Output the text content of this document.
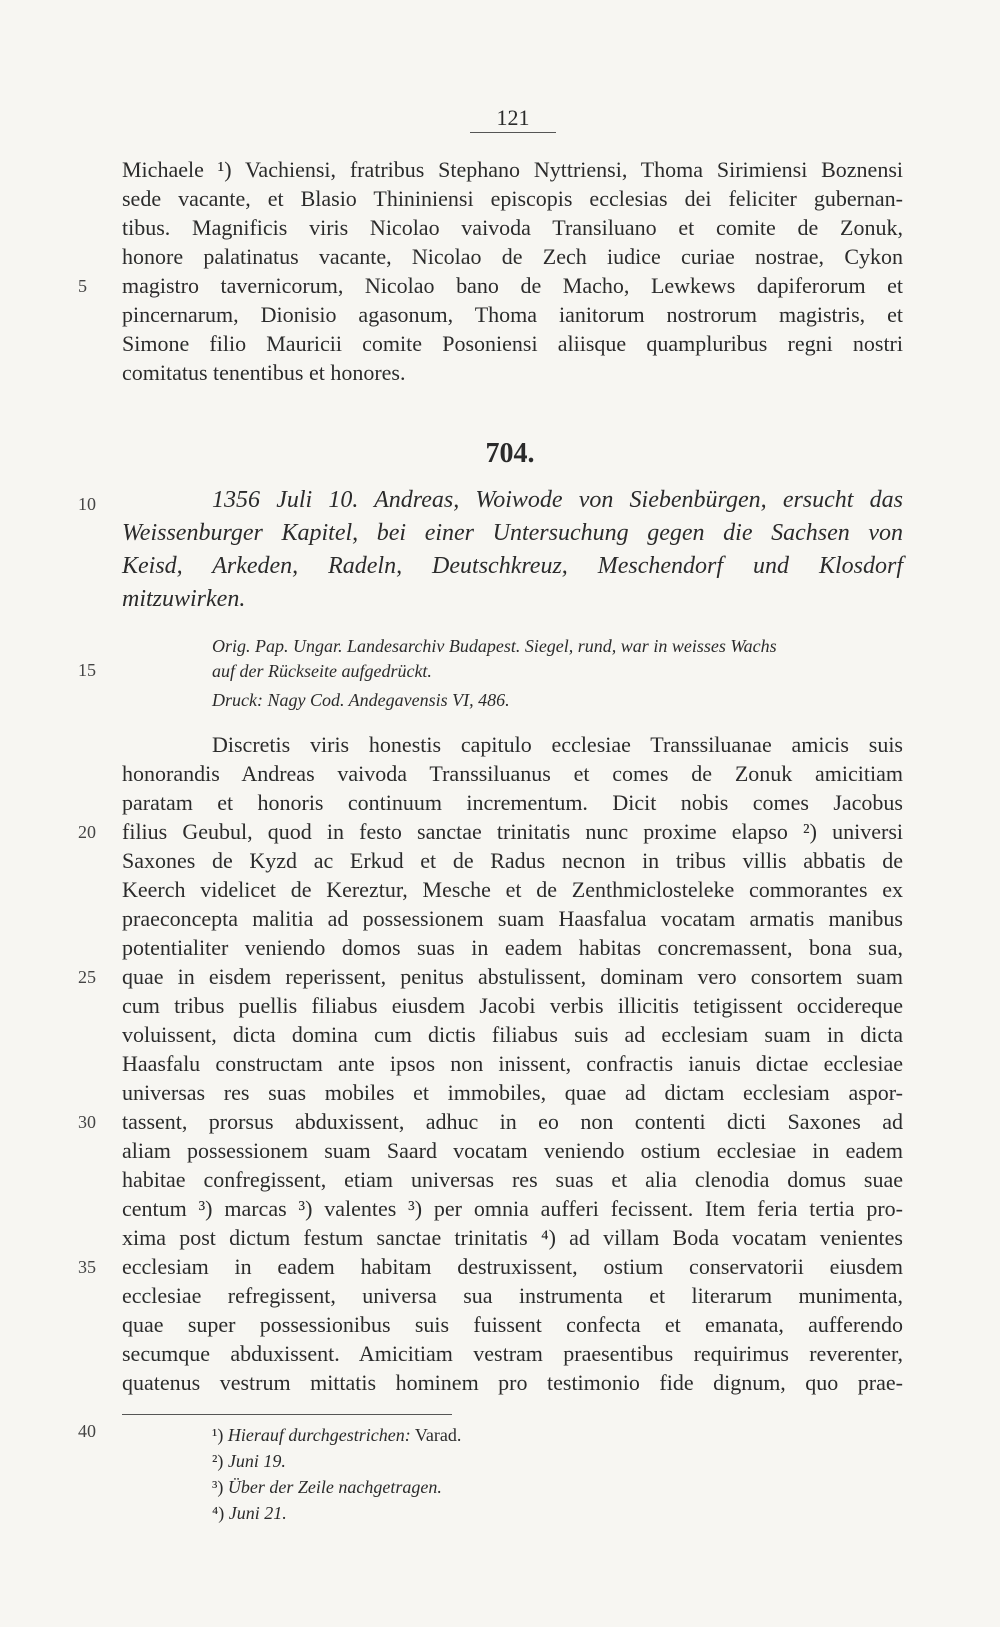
121
Michaele ¹) Vachiensi, fratribus Stephano Nyttriensi, Thoma Sirimiensi Boznensi
sede vacante, et Blasio Thininiensi episcopis ecclesias dei feliciter gubernan-
tibus. Magnificis viris Nicolao vaivoda Transiluano et comite de Zonuk,
honore palatinatus vacante, Nicolao de Zech iudice curiae nostrae, Cykon
magistro tavernicorum, Nicolao bano de Macho, Lewkews dapiferorum et
pincernarum, Dionisio agasonum, Thoma ianitorum nostrorum magistris, et
Simone filio Mauricii comite Posoniensi aliisque quampluribus regni nostri
comitatus tenentibus et honores.
704.
1356 Juli 10. Andreas, Woiwode von Siebenbürgen, ersucht das
Weissenburger Kapitel, bei einer Untersuchung gegen die Sachsen von
Keisd, Arkeden, Radeln, Deutschkreuz, Meschendorf und Klosdorf
mitzuwirken.
Orig. Pap. Ungar. Landesarchiv Budapest. Siegel, rund, war in weisses Wachs
auf der Rückseite aufgedrückt.
Druck: Nagy Cod. Andegavensis VI, 486.
Discretis viris honestis capitulo ecclesiae Transsiluanae amicis suis
honorandis Andreas vaivoda Transsiluanus et comes de Zonuk amicitiam
paratam et honoris continuum incrementum. Dicit nobis comes Jacobus
filius Geubul, quod in festo sanctae trinitatis nunc proxime elapso ²) universi
Saxones de Kyzd ac Erkud et de Radus necnon in tribus villis abbatis de
Keerch videlicet de Kereztur, Mesche et de Zenthmiclosteleke commorantes ex
praeconcepta malitia ad possessionem suam Haasfalua vocatam armatis manibus
potentialiter veniendo domos suas in eadem habitas concremassent, bona sua,
quae in eisdem reperissent, penitus abstulissent, dominam vero consortem suam
cum tribus puellis filiabus eiusdem Jacobi verbis illicitis tetigissent occidereque
voluissent, dicta domina cum dictis filiabus suis ad ecclesiam suam in dicta
Haasfalu constructam ante ipsos non inissent, confractis ianuis dictae ecclesiae
universas res suas mobiles et immobiles, quae ad dictam ecclesiam aspor-
tassent, prorsus abduxissent, adhuc in eo non contenti dicti Saxones ad
aliam possessionem suam Saard vocatam veniendo ostium ecclesiae in eadem
habitae confregissent, etiam universas res suas et alia clenodia domus suae
centum ³) marcas ³) valentes ³) per omnia aufferi fecissent. Item feria tertia pro-
xima post dictum festum sanctae trinitatis ⁴) ad villam Boda vocatam venientes
ecclesiam in eadem habitam destruxissent, ostium conservatorii eiusdem
ecclesiae refregissent, universa sua instrumenta et literarum munimenta,
quae super possessionibus suis fuissent confecta et emanata, aufferendo
secumque abduxissent. Amicitiam vestram praesentibus requirimus reverenter,
quatenus vestrum mittatis hominem pro testimonio fide dignum, quo prae-
5
10
15
20
25
30
35
40	¹) Hierauf durchgestrichen: Varad.
²) Juni 19.
³) Über der Zeile nachgetragen.
⁴) Juni 21.
